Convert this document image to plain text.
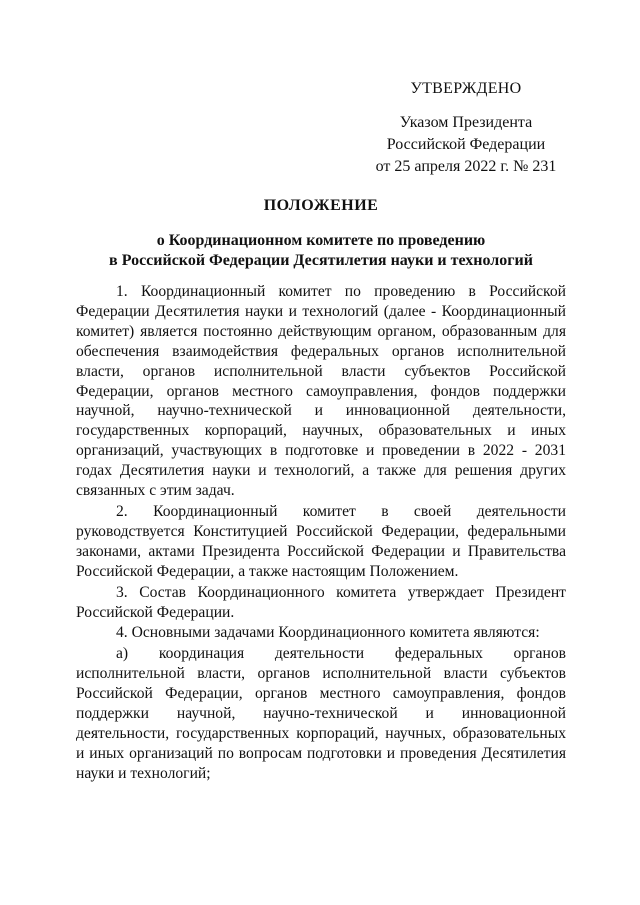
УТВЕРЖДЕНО
Указом Президента
Российской Федерации
от 25 апреля 2022 г. № 231
ПОЛОЖЕНИЕ
о Координационном комитете по проведению
в Российской Федерации Десятилетия науки и технологий

1. Координационный комитет по проведению в Российской Федерации Десятилетия науки и технологий (далее - Координационный комитет) является постоянно действующим органом, образованным для обеспечения взаимодействия федеральных органов исполнительной власти, органов исполнительной власти субъектов Российской Федерации, органов местного самоуправления, фондов поддержки научной, научно-технической и инновационной деятельности, государственных корпораций, научных, образовательных и иных организаций, участвующих в подготовке и проведении в 2022 - 2031 годах Десятилетия науки и технологий, а также для решения других связанных с этим задач.

2. Координационный комитет в своей деятельности руководствуется Конституцией Российской Федерации, федеральными законами, актами Президента Российской Федерации и Правительства Российской Федерации, а также настоящим Положением.

3. Состав Координационного комитета утверждает Президент Российской Федерации.

4. Основными задачами Координационного комитета являются:

а) координация деятельности федеральных органов исполнительной власти, органов исполнительной власти субъектов Российской Федерации, органов местного самоуправления, фондов поддержки научной, научно-технической и инновационной деятельности, государственных корпораций, научных, образовательных и иных организаций по вопросам подготовки и проведения Десятилетия науки и технологий;
